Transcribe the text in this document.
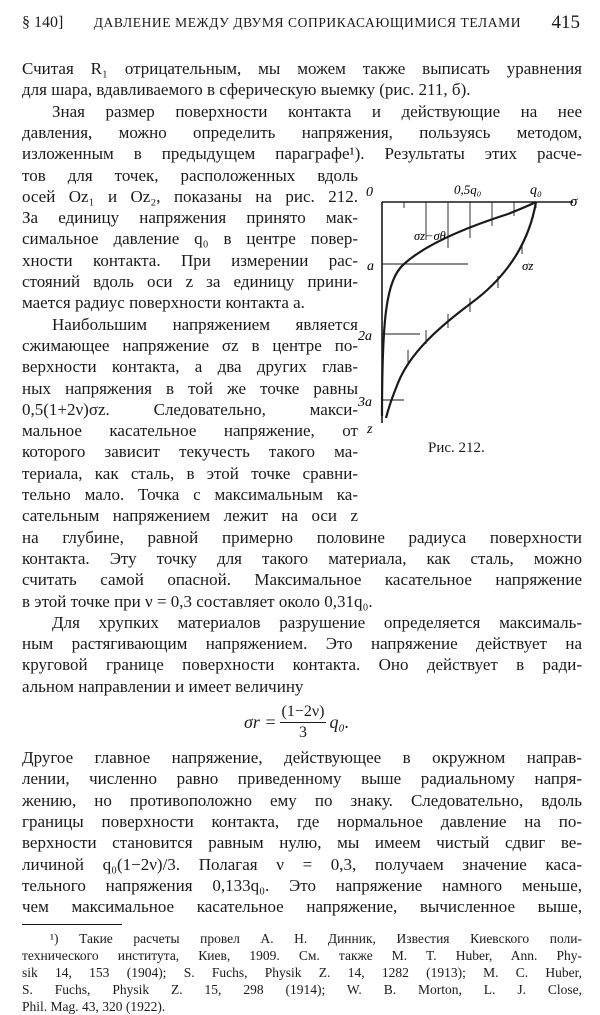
§ 140] ДАВЛЕНИЕ МЕЖДУ ДВУМЯ СОПРИКАСАЮЩИМИСЯ ТЕЛАМИ 415
Считая R₁ отрицательным, мы можем также выписать уравнения
для шара, вдавливаемого в сферическую выемку (рис. 211, б).
Зная размер поверхности контакта и действующие на нее
давления, можно определить напряжения, пользуясь методом,
изложенным в предыдущем параграфе¹). Результаты этих расче-
тов для точек, расположенных вдоль
осей Oz₁ и Oz₂, показаны на рис. 212.
За единицу напряжения принято мак-
симальное давление q₀ в центре повер-
хности контакта. При измерении рас-
стояний вдоль оси z за единицу прини-
мается радиус поверхности контакта a.
Наибольшим напряжением является
сжимающее напряжение σz в центре по-
верхности контакта, а два других глав-
ных напряжения в той же точке равны
0,5(1+2ν)σz. Следовательно, макси-
мальное касательное напряжение, от
которого зависит текучесть такого ма-
териала, как сталь, в этой точке сравни-
тельно мало. Точка с максимальным ка-
сательным напряжением лежит на оси z
на глубине, равной примерно половине радиуса поверхности
контакта. Эту точку для такого материала, как сталь, можно
считать самой опасной. Максимальное касательное напряжение
в этой точке при ν = 0,3 составляет около 0,31q₀.
Для хрупких материалов разрушение определяется максималь-
ным растягивающим напряжением. Это напряжение действует на
круговой границе поверхности контакта. Оно действует в ради-
альном направлении и имеет величину
$\sigma r = \frac{(1-2\nu)}{3} q_0$.
Другое главное напряжение, действующее в окружном направ-
лении, численно равно приведенному выше радиальному напря-
жению, но противоположно ему по знаку. Следовательно, вдоль
границы поверхности контакта, где нормальное давление на по-
верхности становится равным нулю, мы имеем чистый сдвиг ве-
личиной q₀(1−2ν)/3. Полагая ν = 0,3, получаем значение каса-
тельного напряжения 0,133q₀. Это напряжение намного меньше,
чем максимальное касательное напряжение, вычисленное выше,
0	0,5q₀	q₀
σ
σz−σθ
σz
a
2a
3a
z
Рис. 212.
¹) Такие расчеты провел А. Н. Динник, Известия Киевского поли-
технического института, Киев, 1909. См. также M. T. Huber, Ann. Phy-
sik 14, 153 (1904); S. Fuchs, Physik Z. 14, 1282 (1913); M. C. Huber,
S. Fuchs, Physik Z. 15, 298 (1914); W. B. Morton, L. J. Close,
Phil. Mag. 43, 320 (1922).
